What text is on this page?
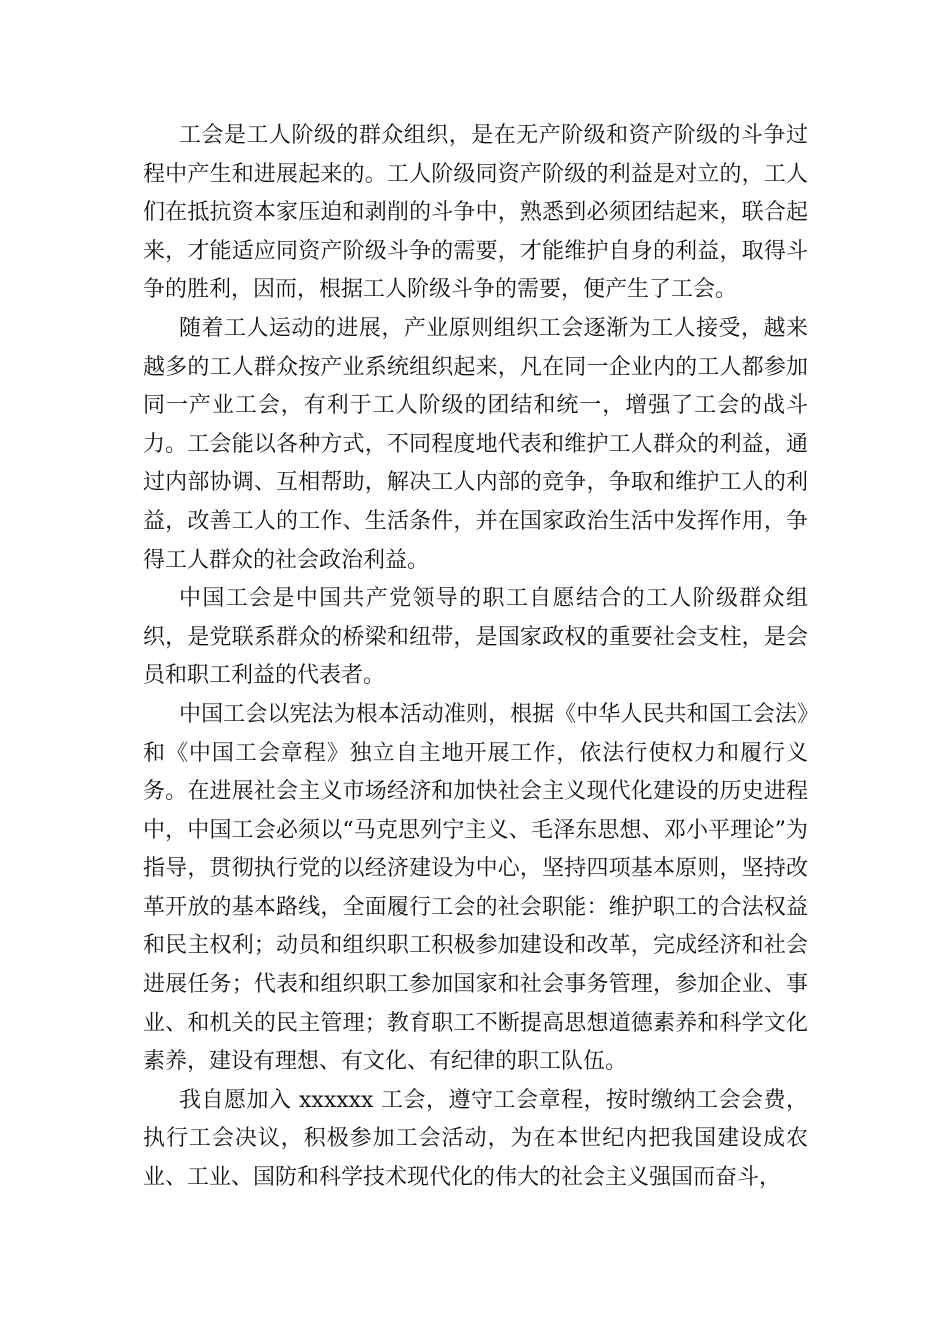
工会是工人阶级的群众组织，是在无产阶级和资产阶级的斗争过程中产生和进展起来的。工人阶级同资产阶级的利益是对立的，工人们在抵抗资本家压迫和剥削的斗争中，熟悉到必须团结起来，联合起来，才能适应同资产阶级斗争的需要，才能维护自身的利益，取得斗争的胜利，因而，根据工人阶级斗争的需要，便产生了工会。

随着工人运动的进展，产业原则组织工会逐渐为工人接受，越来越多的工人群众按产业系统组织起来，凡在同一企业内的工人都参加同一产业工会，有利于工人阶级的团结和统一，增强了工会的战斗力。工会能以各种方式，不同程度地代表和维护工人群众的利益，通过内部协调、互相帮助，解决工人内部的竞争，争取和维护工人的利益，改善工人的工作、生活条件，并在国家政治生活中发挥作用，争得工人群众的社会政治利益。

中国工会是中国共产党领导的职工自愿结合的工人阶级群众组织，是党联系群众的桥梁和纽带，是国家政权的重要社会支柱，是会员和职工利益的代表者。

中国工会以宪法为根本活动准则，根据《中华人民共和国工会法》和《中国工会章程》独立自主地开展工作，依法行使权力和履行义务。在进展社会主义市场经济和加快社会主义现代化建设的历史进程中，中国工会必须以“马克思列宁主义、毛泽东思想、邓小平理论”为指导，贯彻执行党的以经济建设为中心，坚持四项基本原则，坚持改革开放的基本路线，全面履行工会的社会职能：维护职工的合法权益和民主权利；动员和组织职工积极参加建设和改革，完成经济和社会进展任务；代表和组织职工参加国家和社会事务管理，参加企业、事业、和机关的民主管理；教育职工不断提高思想道德素养和科学文化素养，建设有理想、有文化、有纪律的职工队伍。

我自愿加入 xxxxxx 工会，遵守工会章程，按时缴纳工会会费，执行工会决议，积极参加工会活动，为在本世纪内把我国建设成农业、工业、国防和科学技术现代化的伟大的社会主义强国而奋斗，
